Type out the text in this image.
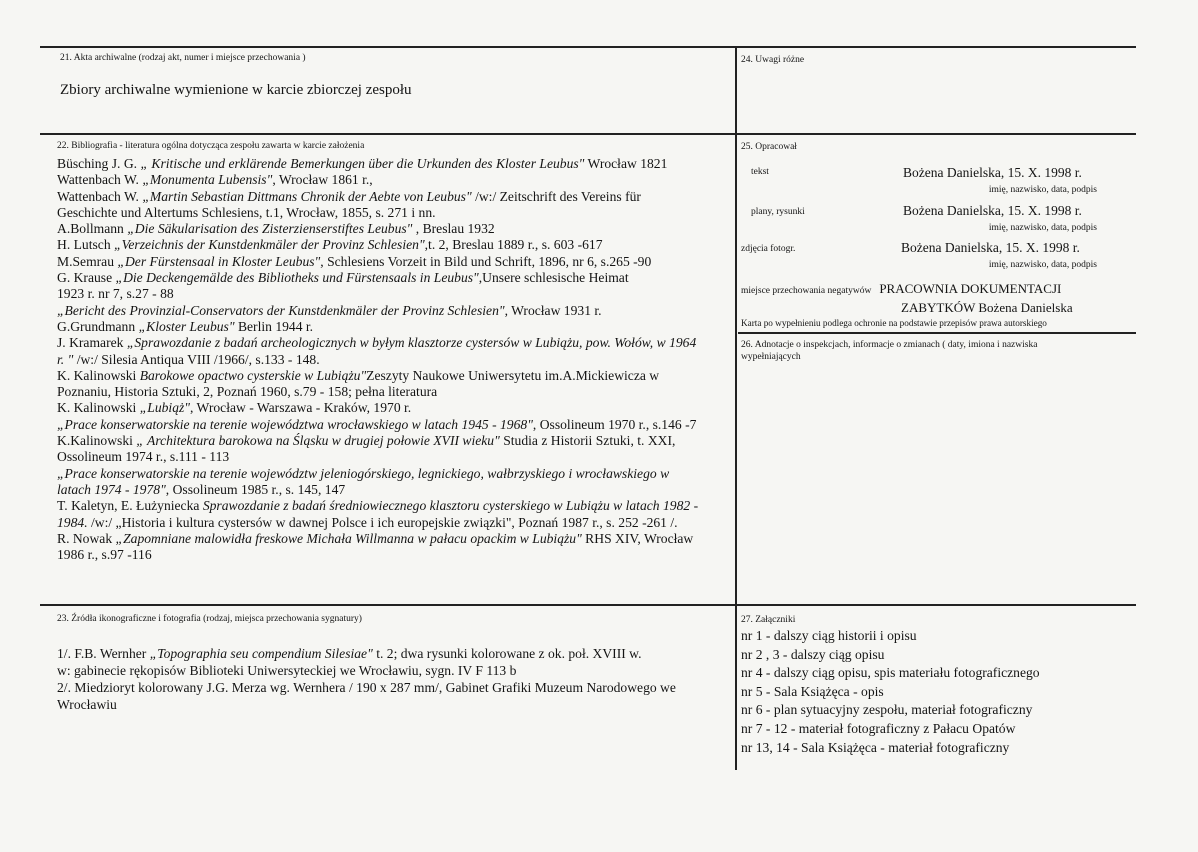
21. Akta archiwalne (rodzaj akt, numer i miejsce przechowania )
Zbiory archiwalne wymienione w karcie zbiorczej zespołu
24. Uwagi różne
22. Bibliografia - literatura ogólna dotycząca zespołu zawarta w karcie założenia
Büsching J. G. „ Kritische und erklärende Bemerkungen über die Urkunden des Kloster Leubus" Wrocław 1821
Wattenbach W. „Monumenta Lubensis", Wrocław 1861 r.,
Wattenbach W. „Martin Sebastian Dittmans Chronik der Aebte von Leubus" /w:/ Zeitschrift des Vereins für
Geschichte und Altertums Schlesiens, t.1, Wrocław, 1855, s. 271 i nn.
A.Bollmann „Die Säkularisation des Zisterzienserstiftes Leubus" , Breslau 1932
H. Lutsch „Verzeichnis der Kunstdenkmäler der Provinz Schlesien",t. 2, Breslau 1889 r., s. 603 -617
M.Semrau „Der Fürstensaal in Kloster Leubus", Schlesiens Vorzeit in Bild und Schrift, 1896, nr 6, s.265 -90
G. Krause „Die Deckengemälde des Bibliotheks und Fürstensaals in Leubus",Unsere schlesische Heimat
1923 r. nr 7, s.27 - 88
„Bericht des Provinzial-Conservators der Kunstdenkmäler der Provinz Schlesien", Wrocław 1931 r.
G.Grundmann „Kloster Leubus" Berlin 1944 r.
J. Kramarek „Sprawozdanie z badań archeologicznych w byłym klasztorze cystersów w Lubiążu, pow. Wołów, w 1964
r. " /w:/ Silesia Antiqua VIII /1966/, s.133 - 148.
K. Kalinowski Barokowe opactwo cysterskie w Lubiążu"Zeszyty Naukowe Uniwersytetu im.A.Mickiewicza w
Poznaniu, Historia Sztuki, 2, Poznań 1960, s.79 - 158; pełna literatura
K. Kalinowski „Lubiąż", Wrocław - Warszawa - Kraków, 1970 r.
„Prace konserwatorskie na terenie województwa wrocławskiego w latach 1945 - 1968", Ossolineum 1970 r., s.146 -7
K.Kalinowski „ Architektura barokowa na Śląsku w drugiej połowie XVII wieku" Studia z Historii Sztuki, t. XXI,
Ossolineum 1974 r., s.111 - 113
„Prace konserwatorskie na terenie województw jeleniogórskiego, legnickiego, wałbrzyskiego i wrocławskiego w
latach 1974 - 1978", Ossolineum 1985 r., s. 145, 147
T. Kaletyn, E. Łużyniecka Sprawozdanie z badań średniowiecznego klasztoru cysterskiego w Lubiążu w latach 1982 -
1984. /w:/ „Historia i kultura cystersów w dawnej Polsce i ich europejskie związki", Poznań 1987 r., s. 252 -261 /.
R. Nowak „Zapomniane malowidła freskowe Michała Willmanna w pałacu opackim w Lubiążu" RHS XIV, Wrocław
1986 r., s.97 -116
25. Opracował
tekst	Bożena Danielska, 15. X. 1998 r.
imię, nazwisko, data, podpis
plany, rysunki	Bożena Danielska, 15. X. 1998 r.
imię, nazwisko, data, podpis
zdjęcia fotogr.	Bożena Danielska, 15. X. 1998 r.
imię, nazwisko, data, podpis
miejsce przechowania negatywów PRACOWNIA DOKUMENTACJI
ZABYTKÓW Bożena Danielska
Karta po wypełnieniu podlega ochronie na podstawie przepisów prawa autorskiego
26. Adnotacje o inspekcjach, informacje o zmianach ( daty, imiona i nazwiska
wypełniających
23. Źródła ikonograficzne i fotografia (rodzaj, miejsca przechowania sygnatury)
1/. F.B. Wernher „Topographia seu compendium Silesiae" t. 2; dwa rysunki kolorowane z ok. poł. XVIII w.
w: gabinecie rękopisów Biblioteki Uniwersyteckiej we Wrocławiu, sygn. IV F 113 b
2/. Miedzioryt kolorowany J.G. Merza wg. Wernhera / 190 x 287 mm/, Gabinet Grafiki Muzeum Narodowego we
Wrocławiu
27. Załączniki
nr 1 - dalszy ciąg historii i opisu
nr 2 , 3 - dalszy ciąg opisu
nr 4 - dalszy ciąg opisu, spis materiału fotograficznego
nr 5 - Sala Książęca - opis
nr 6 - plan sytuacyjny zespołu, materiał fotograficzny
nr 7 - 12 - materiał fotograficzny z Pałacu Opatów
nr 13, 14 - Sala Książęca - materiał fotograficzny
